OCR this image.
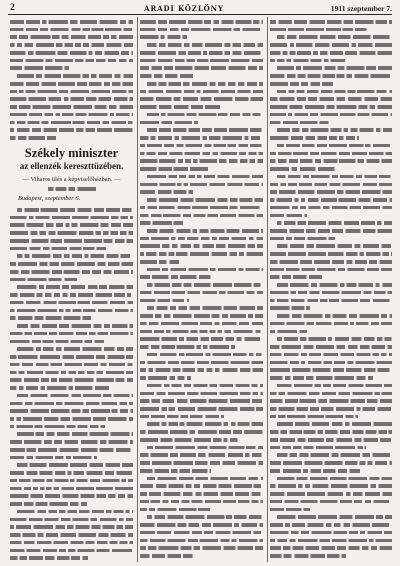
2	ARADI KÖZLÖNY	1911 szeptember 7.
Székely miniszter
az ellenzék kereszttüzében.
— Viharos ülés a képviselőházban. —
Budapest, szeptember 6.
